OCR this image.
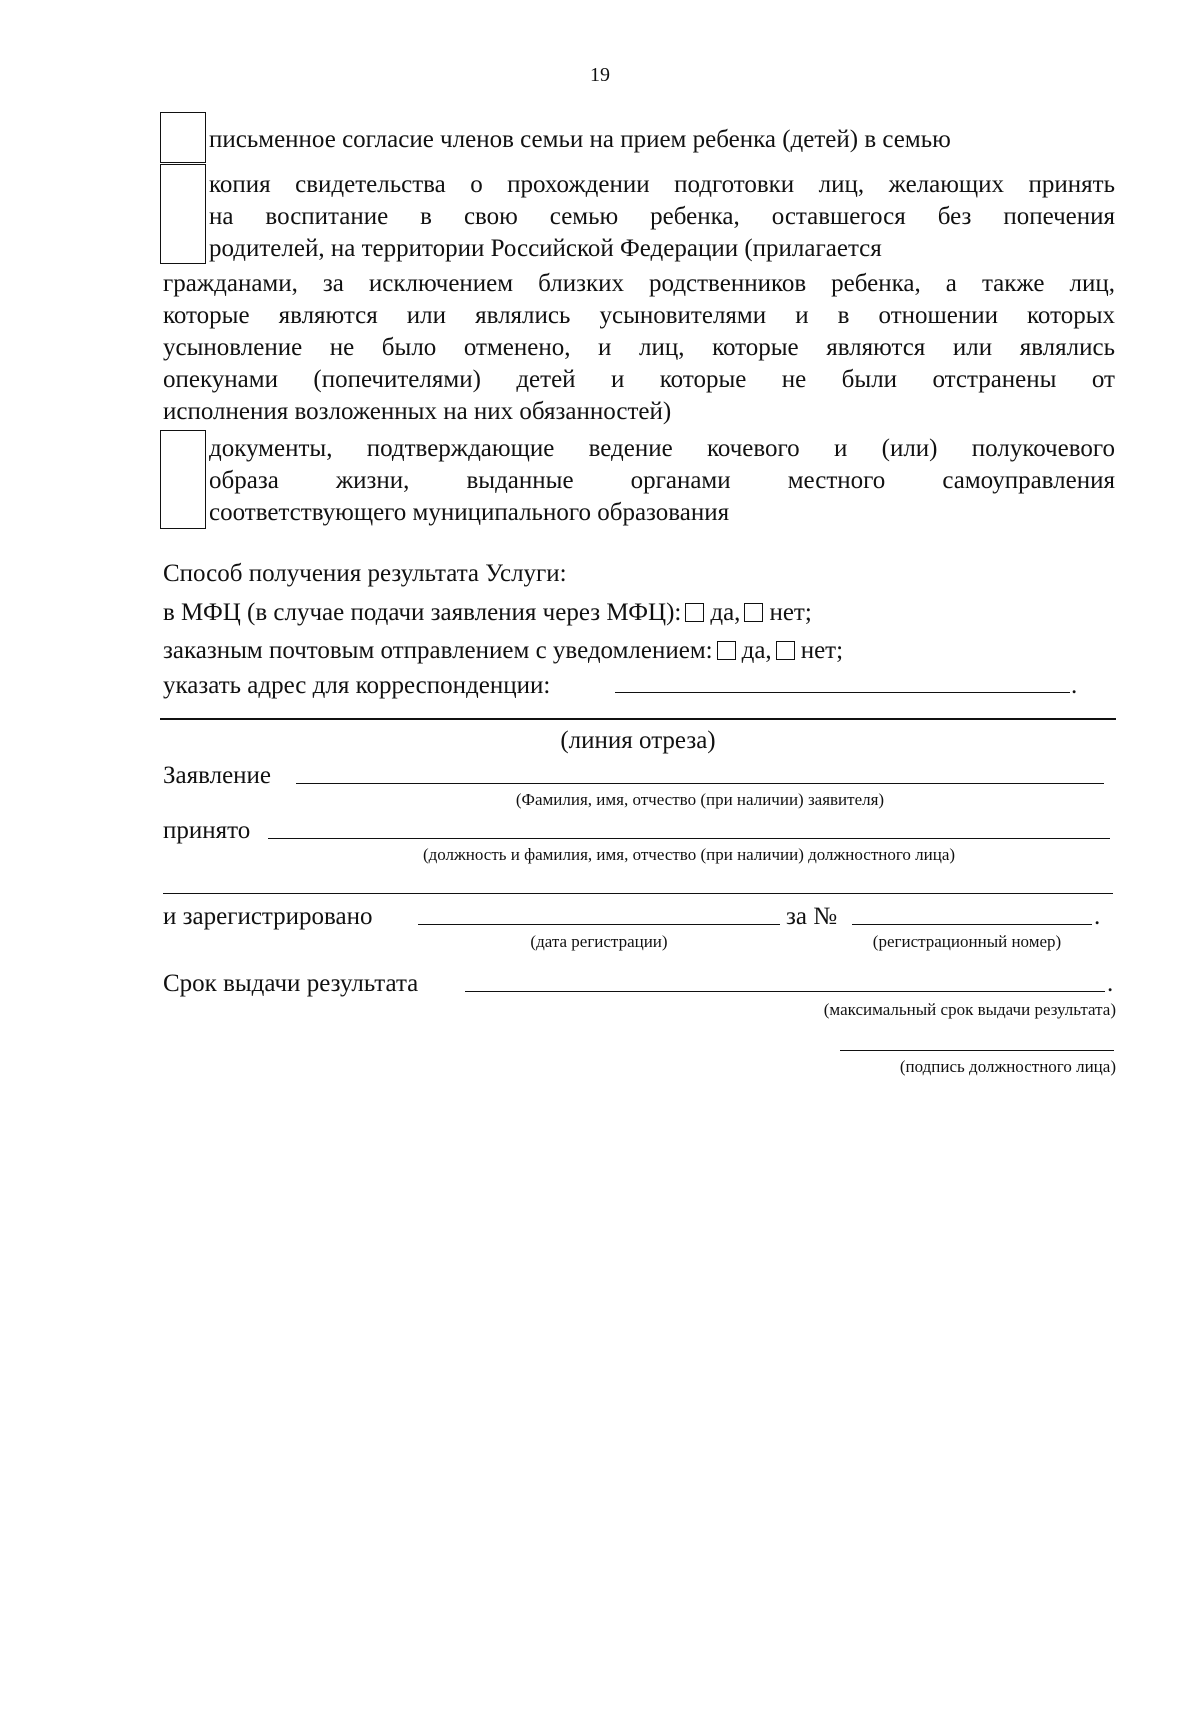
19
письменное согласие членов семьи на прием ребенка (детей) в семью
копия свидетельства о прохождении подготовки лиц, желающих принять
на воспитание в свою семью ребенка, оставшегося без попечения
родителей, на территории Российской Федерации (прилагается
гражданами, за исключением близких родственников ребенка, а также лиц,
которые являются или являлись усыновителями и в отношении которых
усыновление не было отменено, и лиц, которые являются или являлись
опекунами (попечителями) детей и которые не были отстранены от
исполнения возложенных на них обязанностей)
документы, подтверждающие ведение кочевого и (или) полукочевого
образа жизни, выданные органами местного самоуправления
соответствующего муниципального образования
Способ получения результата Услуги:
в МФЦ (в случае подачи заявления через МФЦ): да, нет;
заказным почтовым отправлением с уведомлением: да, нет;
указать адрес для корреспонденции:	.
(линия отреза)
Заявление
(Фамилия, имя, отчество (при наличии) заявителя)
принято
(должность и фамилия, имя, отчество (при наличии) должностного лица)
и зарегистрировано
(дата регистрации)
за №	.
(регистрационный номер)
Срок выдачи результата	.
(максимальный срок выдачи результата)
(подпись должностного лица)
